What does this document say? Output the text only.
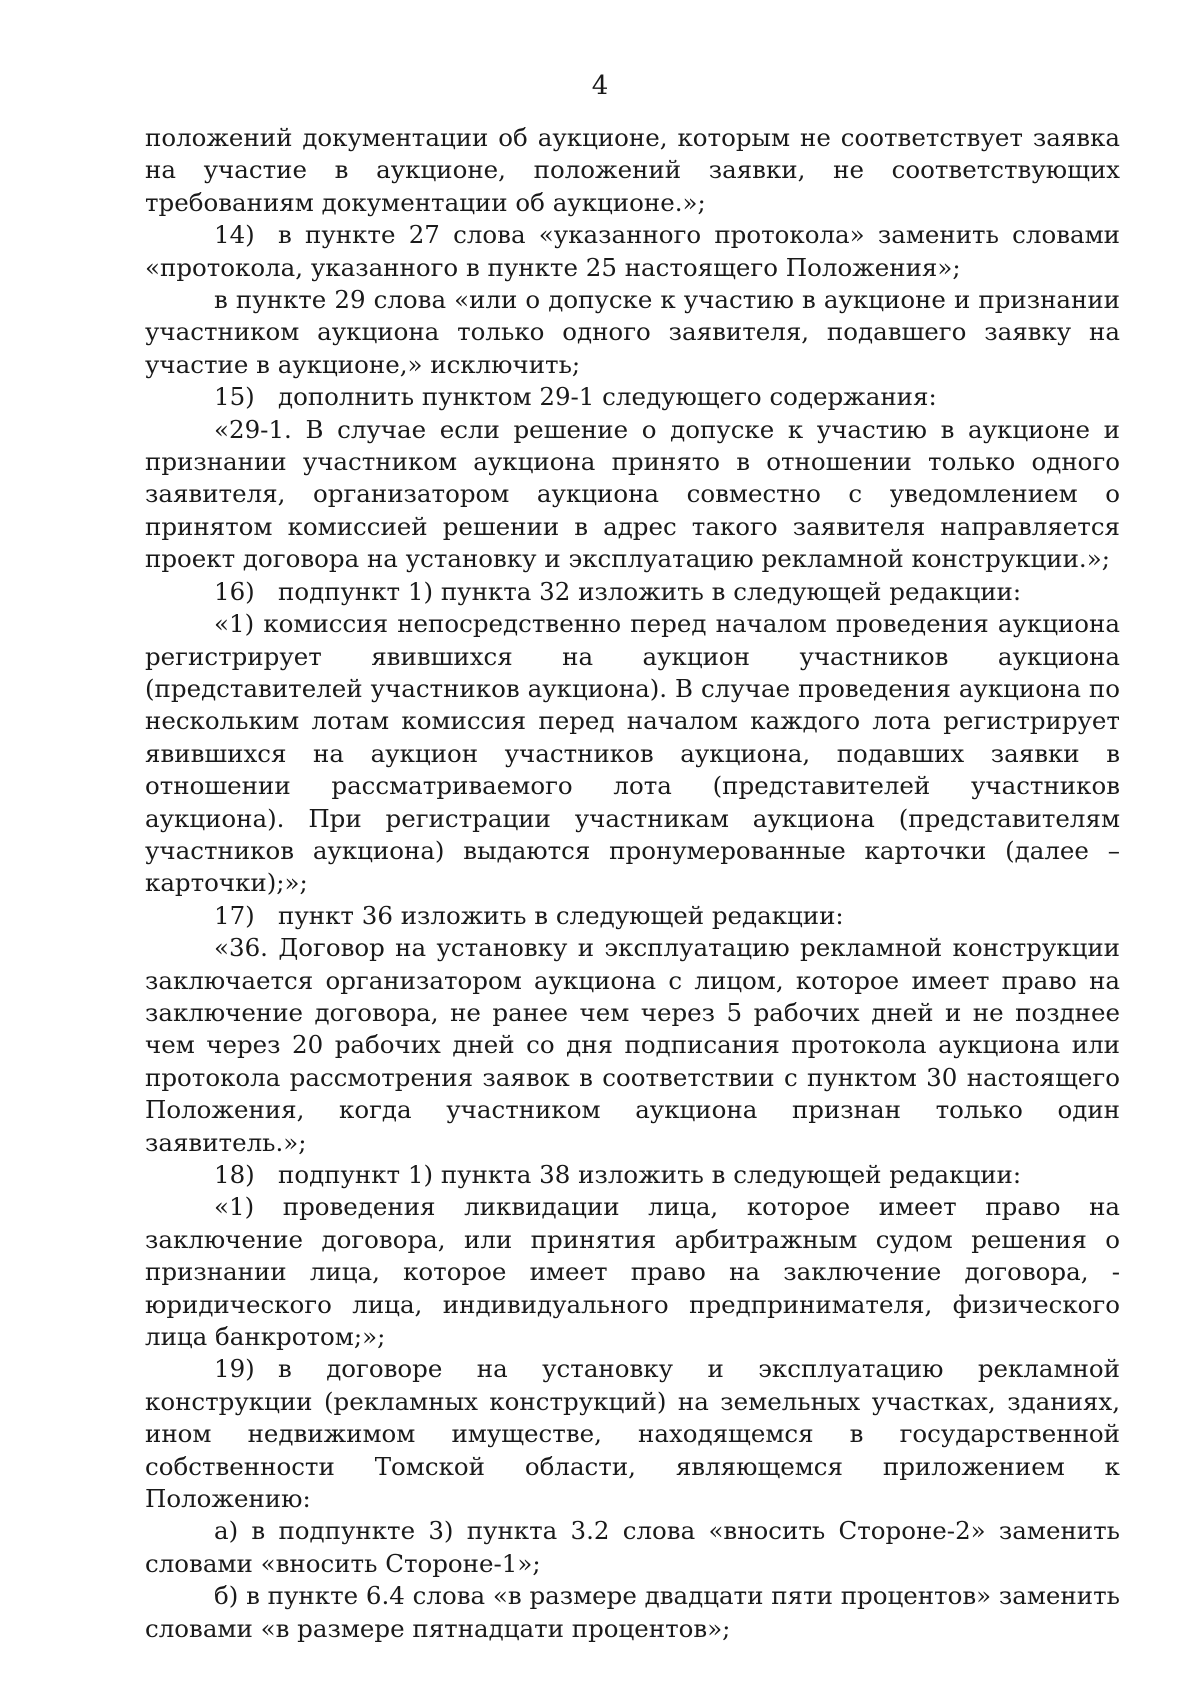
4

положений документации об аукционе, которым не соответствует заявка на участие в аукционе, положений заявки, не соответствующих требованиям документации об аукционе.»;

14) в пункте 27 слова «указанного протокола» заменить словами «протокола, указанного в пункте 25 настоящего Положения»;

в пункте 29 слова «или о допуске к участию в аукционе и признании участником аукциона только одного заявителя, подавшего заявку на участие в аукционе,» исключить;

15) дополнить пунктом 29-1 следующего содержания:

«29-1. В случае если решение о допуске к участию в аукционе и признании участником аукциона принято в отношении только одного заявителя, организатором аукциона совместно с уведомлением о принятом комиссией решении в адрес такого заявителя направляется проект договора на установку и эксплуатацию рекламной конструкции.»;

16) подпункт 1) пункта 32 изложить в следующей редакции:

«1) комиссия непосредственно перед началом проведения аукциона регистрирует явившихся на аукцион участников аукциона (представителей участников аукциона). В случае проведения аукциона по нескольким лотам комиссия перед началом каждого лота регистрирует явившихся на аукцион участников аукциона, подавших заявки в отношении рассматриваемого лота (представителей участников аукциона). При регистрации участникам аукциона (представителям участников аукциона) выдаются пронумерованные карточки (далее – карточки);»;

17) пункт 36 изложить в следующей редакции:

«36. Договор на установку и эксплуатацию рекламной конструкции заключается организатором аукциона с лицом, которое имеет право на заключение договора, не ранее чем через 5 рабочих дней и не позднее чем через 20 рабочих дней со дня подписания протокола аукциона или протокола рассмотрения заявок в соответствии с пунктом 30 настоящего Положения, когда участником аукциона признан только один заявитель.»;

18) подпункт 1) пункта 38 изложить в следующей редакции:

«1) проведения ликвидации лица, которое имеет право на заключение договора, или принятия арбитражным судом решения о признании лица, которое имеет право на заключение договора, - юридического лица, индивидуального предпринимателя, физического лица банкротом;»;

19) в договоре на установку и эксплуатацию рекламной конструкции (рекламных конструкций) на земельных участках, зданиях, ином недвижимом имуществе, находящемся в государственной собственности Томской области, являющемся приложением к Положению:

а) в подпункте 3) пункта 3.2 слова «вносить Стороне-2» заменить словами «вносить Стороне-1»;

б) в пункте 6.4 слова «в размере двадцати пяти процентов» заменить словами «в размере пятнадцати процентов»;
